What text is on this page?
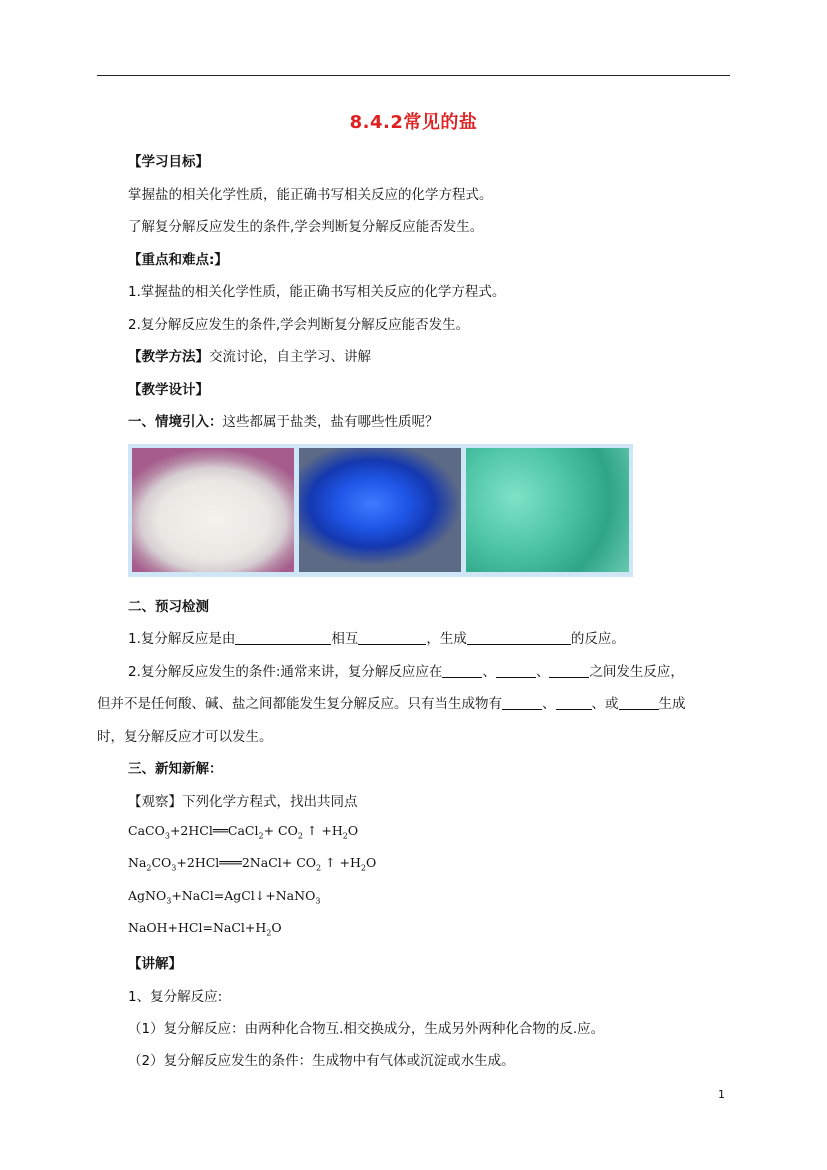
8.4.2常见的盐
【学习目标】
掌握盐的相关化学性质，能正确书写相关反应的化学方程式。
了解复分解反应发生的条件,学会判断复分解反应能否发生。
【重点和难点:】
1.掌握盐的相关化学性质，能正确书写相关反应的化学方程式。
2.复分解反应发生的条件,学会判断复分解反应能否发生。
【教学方法】交流讨论，自主学习、讲解
【教学设计】
一、情境引入：这些都属于盐类，盐有哪些性质呢？
二、预习检测
1.复分解反应是由	相互	，生成	的反应。
2.复分解反应发生的条件:通常来讲，复分解反应应在	、	、	之间发生反应，
但并不是任何酸、碱、盐之间都能发生复分解反应。只有当生成物有	、	、或	生成
时，复分解反应才可以发生。
三、新知新解：
【观察】下列化学方程式，找出共同点
CaCO$_3$+2HCl══CaCl$_2$+ $CO_2$ ↑ $+H_2O$
$Na_2CO_3+2HCl═══2NaCl+ CO_2$ ↑ $+H_2O$
AgNO$_3$+NaCl=AgCl↓+NaNO$_3$
$NaOH+HCl=NaCl+H_2O$
【讲解】
1、复分解反应:
（1）复分解反应：由两种化合物互.相交换成分，生成另外两种化合物的反.应。
（2）复分解反应发生的条件：生成物中有气体或沉淀或水生成。
1
